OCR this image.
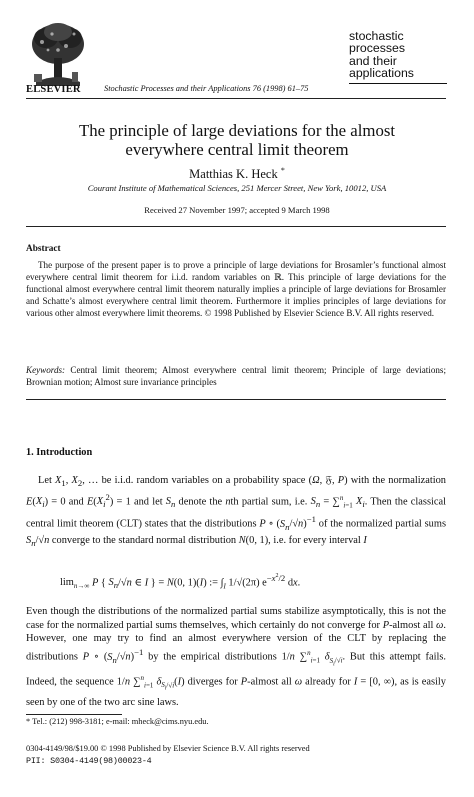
ELSEVIER	Stochastic Processes and their Applications 76 (1998) 61–75
stochastic
processes
and their
applications
The principle of large deviations for the almost
everywhere central limit theorem
Matthias K. Heck *
Courant Institute of Mathematical Sciences, 251 Mercer Street, New York, 10012, USA
Received 27 November 1997; accepted 9 March 1998
Abstract

The purpose of the present paper is to prove a principle of large deviations for Brosamler’s functional almost everywhere central limit theorem for i.i.d. random variables on ℝ. This principle of large deviations for the functional almost everywhere central limit theorem naturally implies a principle of large deviations for Brosamler and Schatte’s almost everywhere central limit theorem. Furthermore it implies principles of large deviations for various other almost everywhere limit theorems. © 1998 Published by Elsevier Science B.V. All rights reserved.

Keywords: Central limit theorem; Almost everywhere central limit theorem; Principle of large deviations; Brownian motion; Almost sure invariance principles
1. Introduction

Let $X_1$, $X_2$, … be i.i.d. random variables on a probability space (Ω, 𝔉, P) with the normalization $E(X_i) = 0$ and $E(X_i^2) = 1$ and let $S_n$ denote the nth partial sum, i.e. $S_n = \sum^n_{i=1}$ $X_i$. Then the classical central limit theorem (CLT) states that the distributions P ∘ $(S_n/√n)^{-1}$ of the normalized partial sums $S_n/√n$ converge to the standard normal distribution N(0, 1), i.e. for every interval I

$\lim_{n\to\infty} P$ { $S_n/√n$ ∈ I } = N(0, 1)(I) := $\int_I$ 1/√(2π) $e^{-x^2/2}$ dx.

Even though the distributions of the normalized partial sums stabilize asymptotically, this is not the case for the normalized partial sums themselves, which certainly do not converge for P-almost all ω. However, one may try to find an almost everywhere version of the CLT by replacing the distributions P ∘ $(S_n/√n)^{-1}$ by the empirical distributions 1/n ∑$^n_{i=1}$ $\delta_{S_i/√i}$. But this attempt fails. Indeed, the sequence 1/n ∑$^n_{i=1}$ $\delta_{S_i/√i}(I)$ diverges for P-almost all ω already for I = [0, ∞), as is easily seen by one of the two arc sine laws.

* Tel.: (212) 998-3181; e-mail: mheck@cims.nyu.edu.
0304-4149/98/$19.00 © 1998 Published by Elsevier Science B.V. All rights reserved
PII: S0304-4149(98)00023-4
